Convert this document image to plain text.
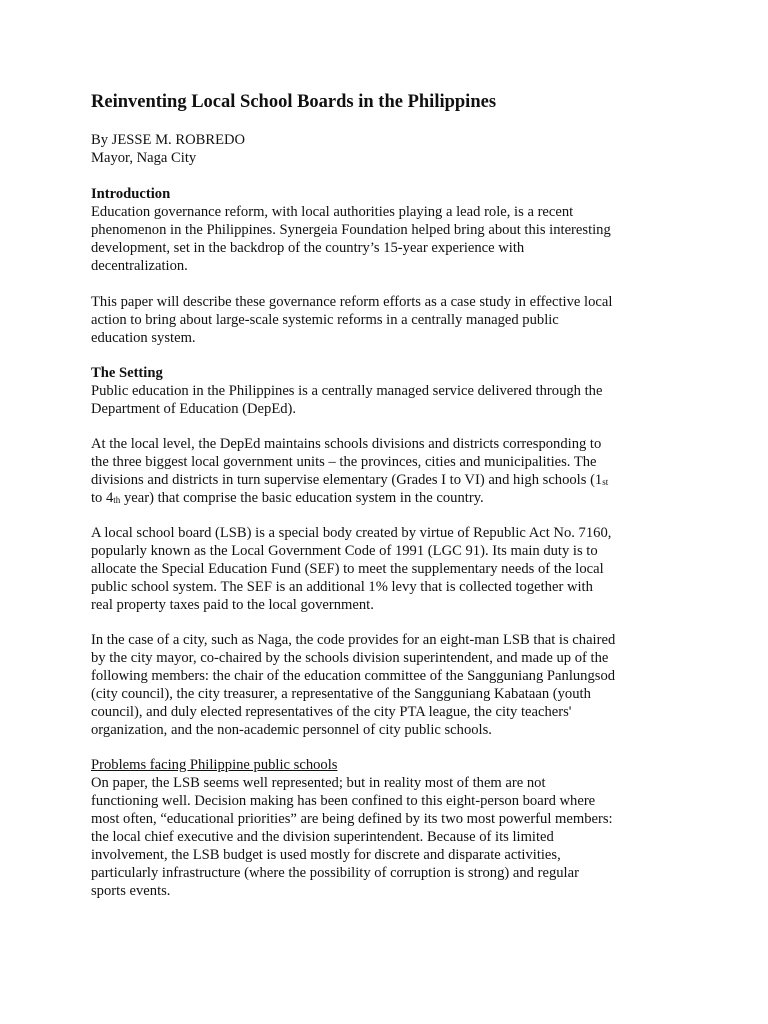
Reinventing Local School Boards in the Philippines
By JESSE M. ROBREDO
Mayor, Naga City
Introduction
Education governance reform, with local authorities playing a lead role, is a recent
phenomenon in the Philippines. Synergeia Foundation helped bring about this interesting
development, set in the backdrop of the country’s 15-year experience with
decentralization.
This paper will describe these governance reform efforts as a case study in effective local
action to bring about large-scale systemic reforms in a centrally managed public
education system.
The Setting
Public education in the Philippines is a centrally managed service delivered through the
Department of Education (DepEd).
At the local level, the DepEd maintains schools divisions and districts corresponding to
the three biggest local government units – the provinces, cities and municipalities. The
divisions and districts in turn supervise elementary (Grades I to VI) and high schools ($1_{st}$
to $4_{th}$ year) that comprise the basic education system in the country.
A local school board (LSB) is a special body created by virtue of Republic Act No. 7160,
popularly known as the Local Government Code of 1991 (LGC 91). Its main duty is to
allocate the Special Education Fund (SEF) to meet the supplementary needs of the local
public school system. The SEF is an additional 1% levy that is collected together with
real property taxes paid to the local government.
In the case of a city, such as Naga, the code provides for an eight-man LSB that is chaired
by the city mayor, co-chaired by the schools division superintendent, and made up of the
following members: the chair of the education committee of the Sangguniang Panlungsod
(city council), the city treasurer, a representative of the Sangguniang Kabataan (youth
council), and duly elected representatives of the city PTA league, the city teachers'
organization, and the non-academic personnel of city public schools.
Problems facing Philippine public schools
On paper, the LSB seems well represented; but in reality most of them are not
functioning well. Decision making has been confined to this eight-person board where
most often, “educational priorities” are being defined by its two most powerful members:
the local chief executive and the division superintendent. Because of its limited
involvement, the LSB budget is used mostly for discrete and disparate activities,
particularly infrastructure (where the possibility of corruption is strong) and regular
sports events.
